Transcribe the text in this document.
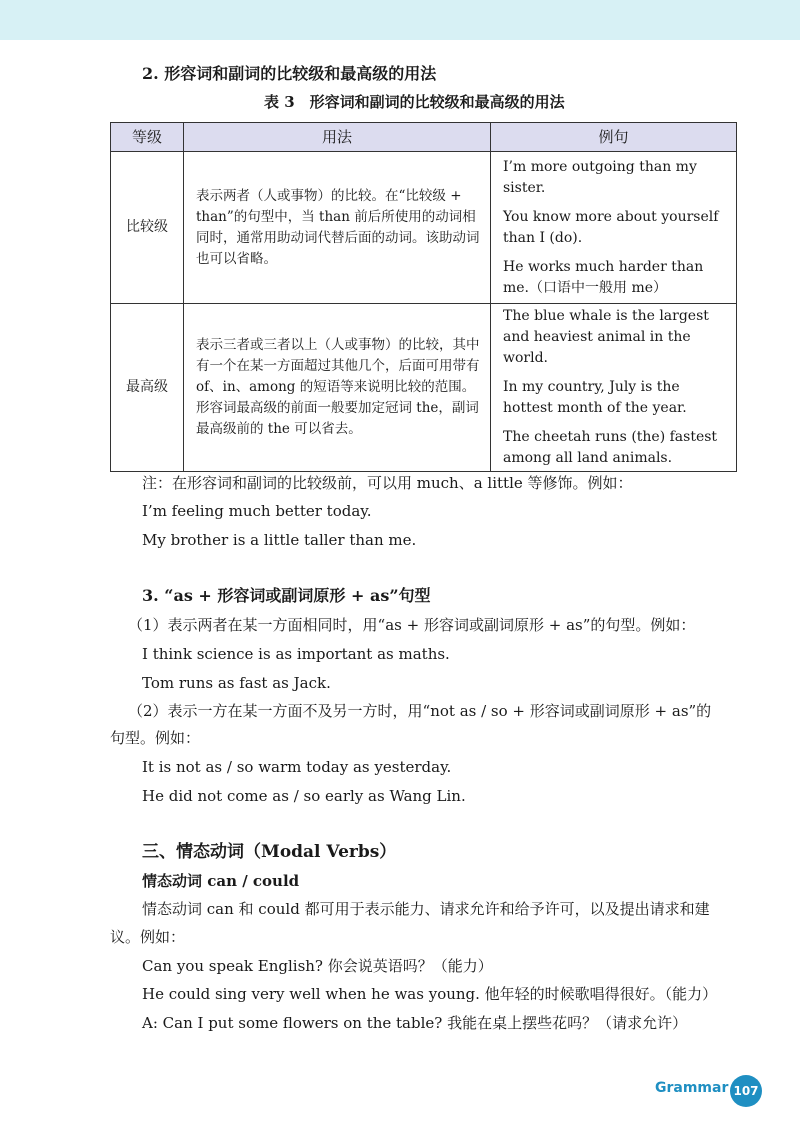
2. 形容词和副词的比较级和最高级的用法
表 3　形容词和副词的比较级和最高级的用法
等级	用法	例句
比较级	表示两者（人或事物）的比较。在“比较级 + than”的句型中，当 than 前后所使用的动词相同时，通常用助动词代替后面的动词。该助动词也可以省略。	I’m more outgoing than my sister.

You know more about yourself than I (do).

He works much harder than me.（口语中一般用 me）

最高级	表示三者或三者以上（人或事物）的比较，其中有一个在某一方面超过其他几个，后面可用带有 of、in、among 的短语等来说明比较的范围。形容词最高级的前面一般要加定冠词 the，副词最高级前的 the 可以省去。	The blue whale is the largest and heaviest animal in the world.

In my country, July is the hottest month of the year.

The cheetah runs (the) fastest among all land animals.

注：在形容词和副词的比较级前，可以用 much、a little 等修饰。例如：
I’m feeling much better today.
My brother is a little taller than me.
3. “as + 形容词或副词原形 + as”句型
（1）表示两者在某一方面相同时，用“as + 形容词或副词原形 + as”的句型。例如：
I think science is as important as maths.
Tom runs as fast as Jack.
（2）表示一方在某一方面不及另一方时，用“not as / so + 形容词或副词原形 + as”的
句型。例如：
It is not as / so warm today as yesterday.
He did not come as / so early as Wang Lin.
三、情态动词（Modal Verbs）
情态动词 can / could
情态动词 can 和 could 都可用于表示能力、请求允许和给予许可，以及提出请求和建
议。例如：
Can you speak English? 你会说英语吗？（能力）
He could sing very well when he was young. 他年轻的时候歌唱得很好。（能力）
A: Can I put some flowers on the table? 我能在桌上摆些花吗？（请求允许）
Grammar 107
